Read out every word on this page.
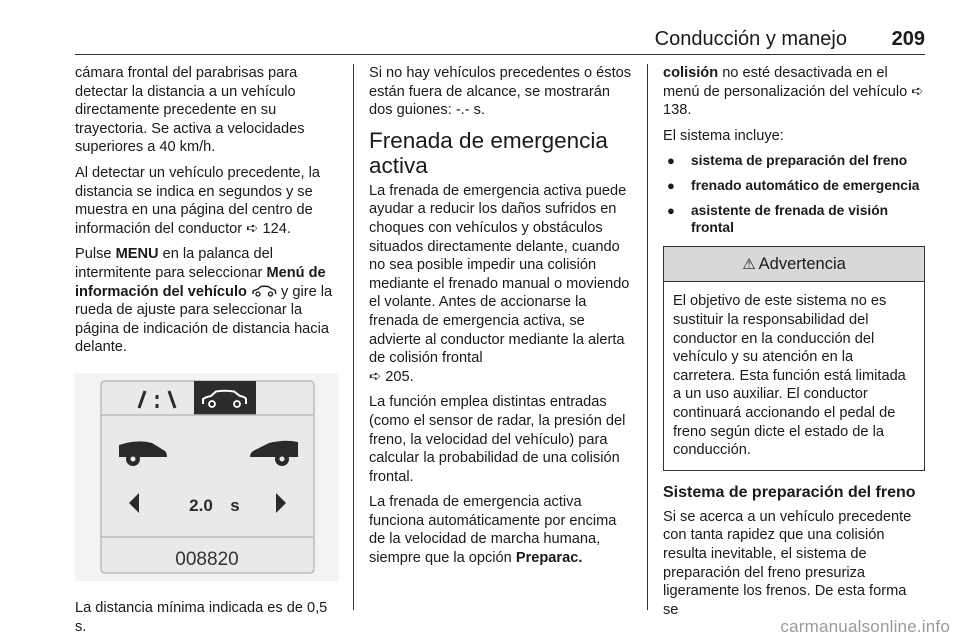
Conducción y manejo 209

cámara frontal del parabrisas para detectar la distancia a un vehículo directamente precedente en su trayectoria. Se activa a velocidades superiores a 40 km/h.

Al detectar un vehículo precedente, la distancia se indica en segundos y se muestra en una página del centro de información del conductor ➪ 124.

Pulse MENU en la palanca del intermitente para seleccionar Menú de información del vehículo  y gire la rueda de ajuste para seleccionar la página de indicación de distancia hacia delante.

2.0 s
008820

La distancia mínima indicada es de 0,5 s.

Si no hay vehículos precedentes o éstos están fuera de alcance, se mostrarán dos guiones: -.- s.

Frenada de emergencia activa

La frenada de emergencia activa puede ayudar a reducir los daños sufridos en choques con vehículos y obstáculos situados directamente delante, cuando no sea posible impedir una colisión mediante el frenado manual o moviendo el volante. Antes de accionarse la frenada de emergencia activa, se advierte al conductor mediante la alerta de colisión frontal
➪ 205.

La función emplea distintas entradas (como el sensor de radar, la presión del freno, la velocidad del vehículo) para calcular la probabilidad de una colisión frontal.

La frenada de emergencia activa funciona automáticamente por encima de la velocidad de marcha humana, siempre que la opción Preparac.

colisión no esté desactivada en el menú de personalización del vehículo ➪ 138.

El sistema incluye:

● sistema de preparación del freno
● frenado automático de emergencia
● asistente de frenada de visión frontal
⚠ Advertencia
El objetivo de este sistema no es sustituir la responsabilidad del conductor en la conducción del vehículo y su atención en la carretera. Esta función está limitada a un uso auxiliar. El conductor continuará accionando el pedal de freno según dicte el estado de la conducción.
Sistema de preparación del freno

Si se acerca a un vehículo precedente con tanta rapidez que una colisión resulta inevitable, el sistema de preparación del freno presuriza ligeramente los frenos. De esta forma se

carmanualsonline.info
